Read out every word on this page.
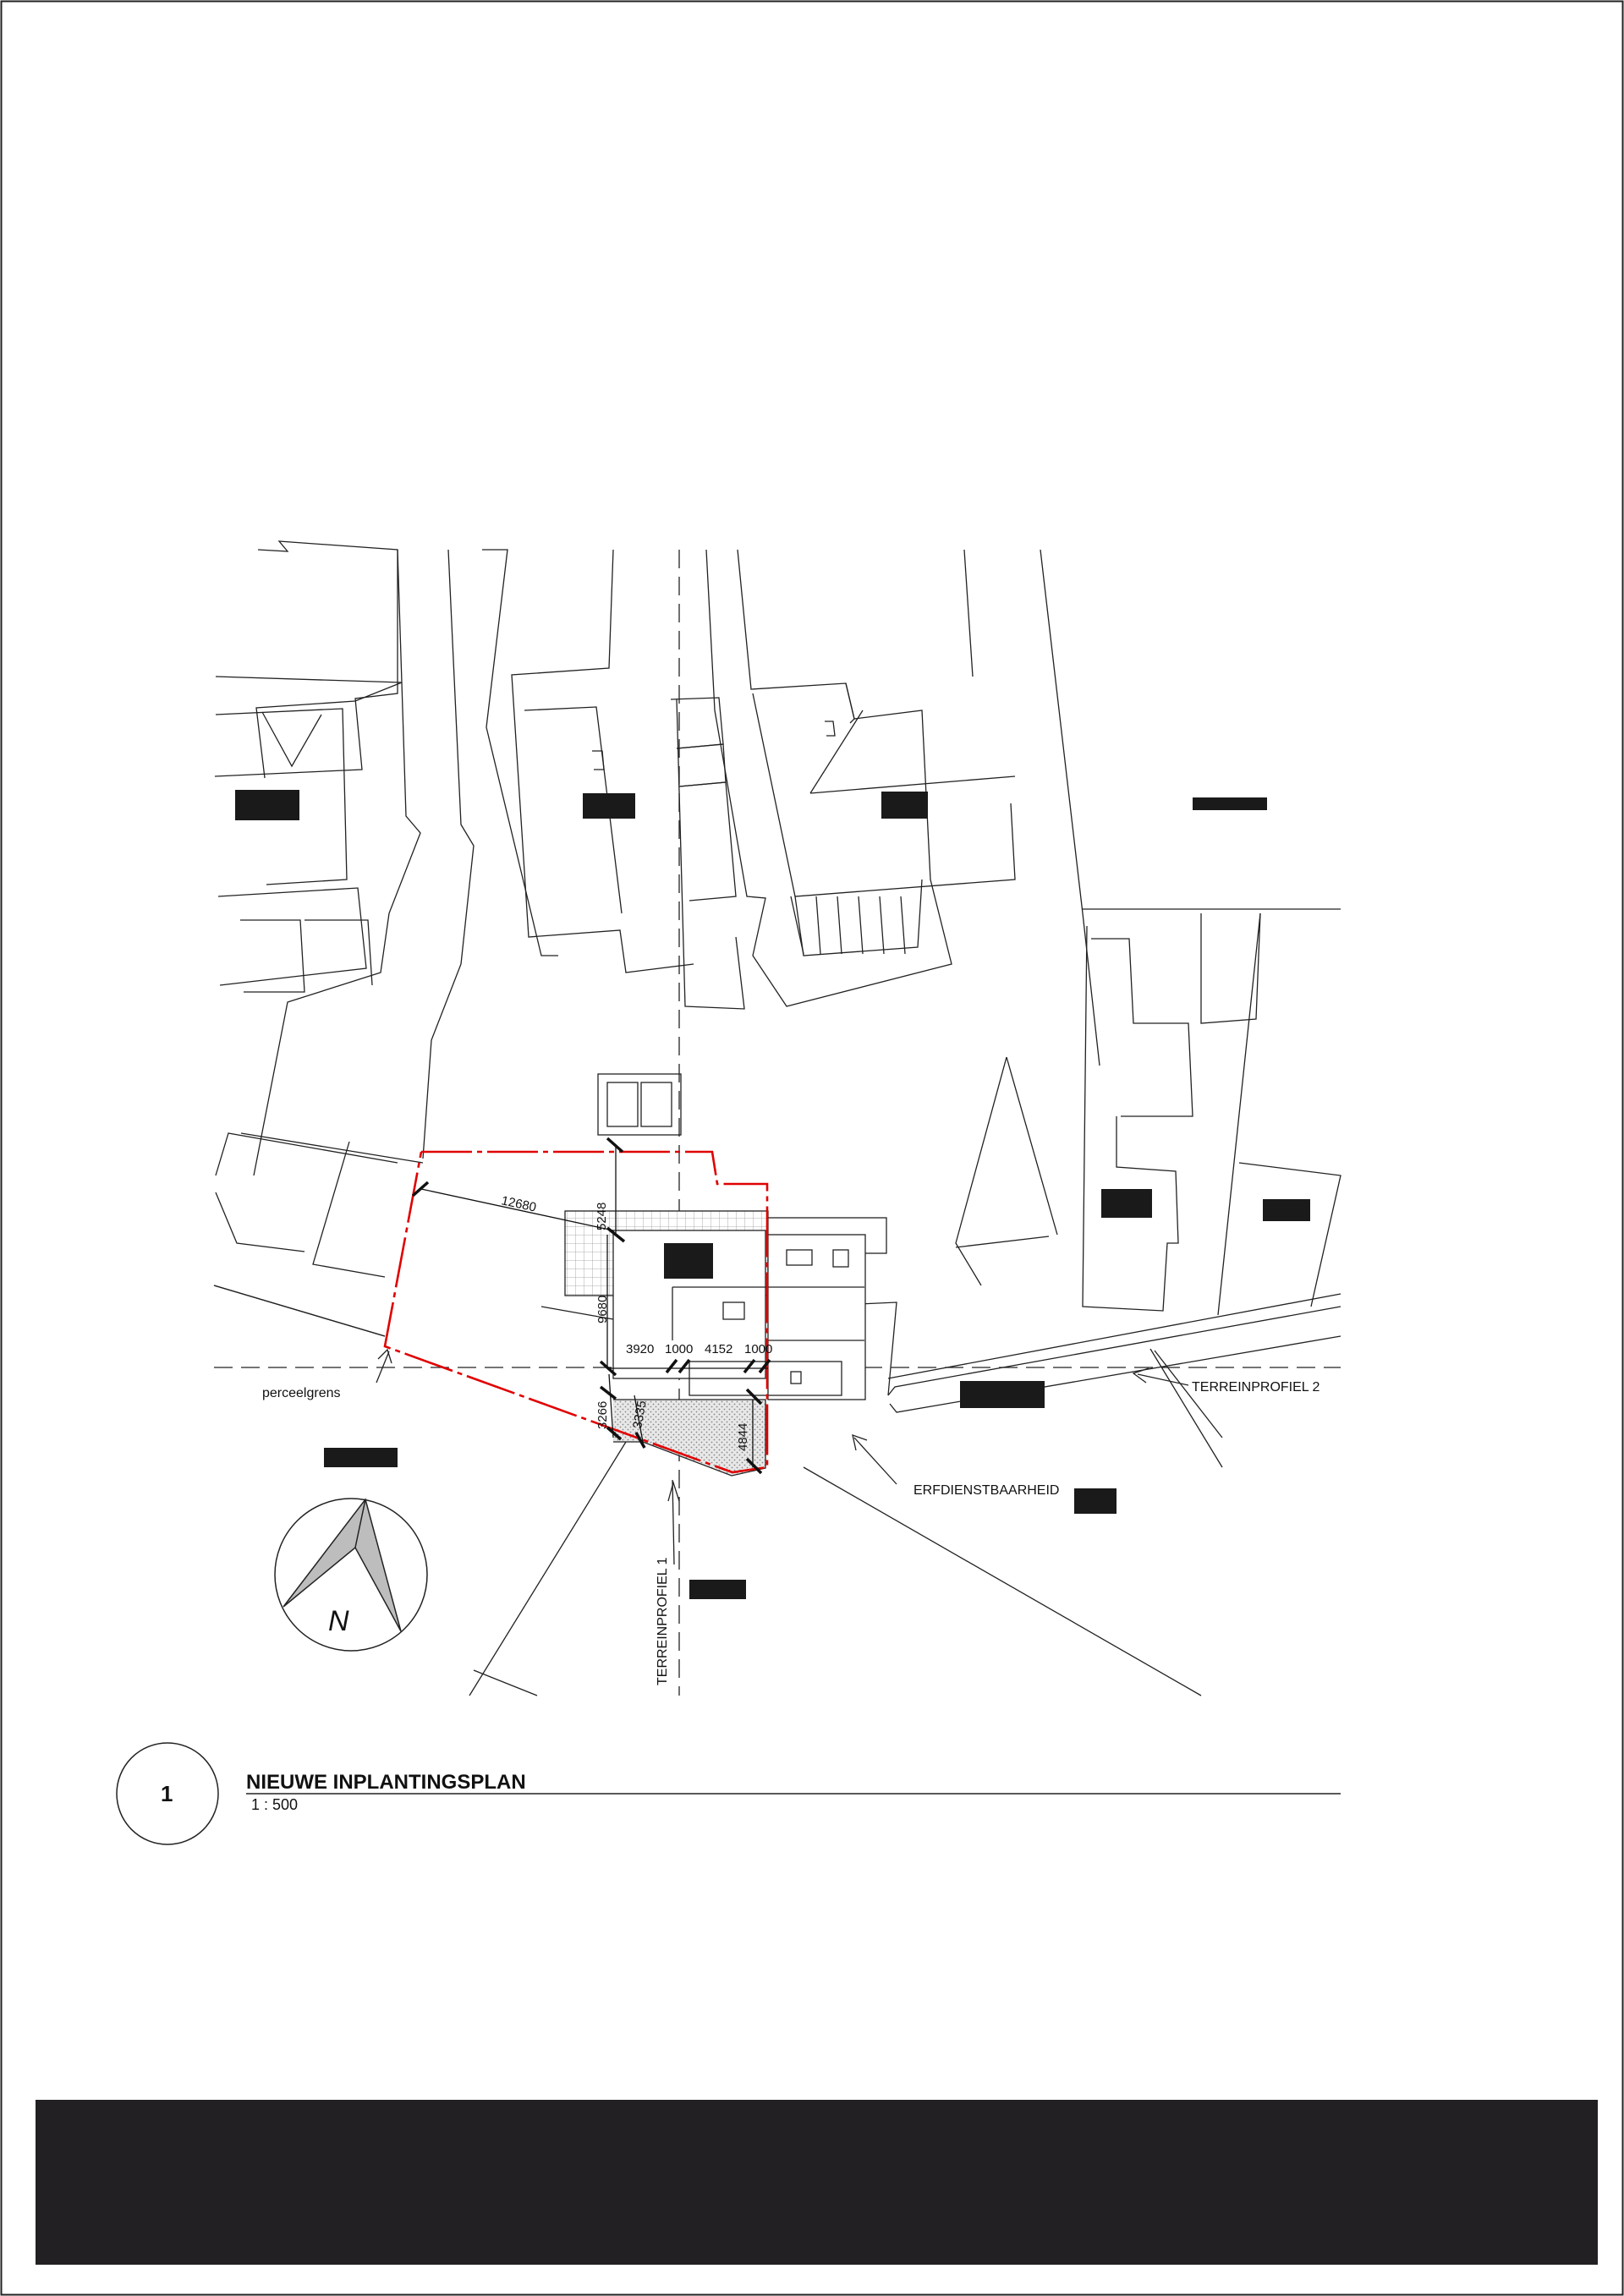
12680	5248
9680
3920 1000 4152 1000
3266 3335
4844
perceelgrens	TERREINPROFIEL 2
ERFDIENSTBAARHEID
TERREINPROFIEL 1
N
1	NIEUWE INPLANTINGSPLAN
1 : 500
